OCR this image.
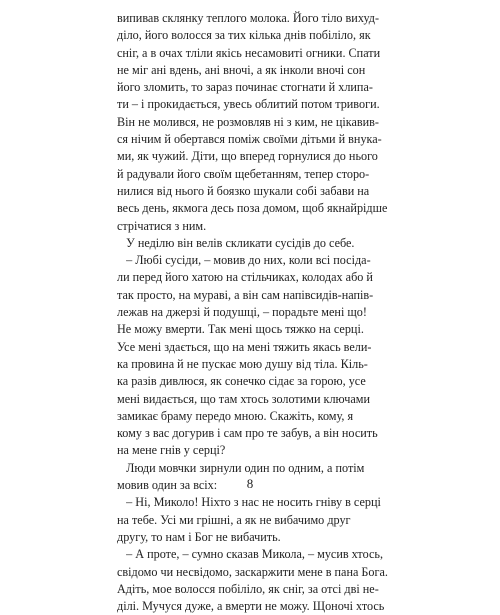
випивав склянку теплого молока. Його тіло вихуд-
діло, його волосся за тих кілька днів побіліло, як
сніг, а в очах тліли якісь несамовиті огники. Спати
не міг ані вдень, ані вночі, а як інколи вночі сон
його зломить, то зараз починає стогнати й хлипа-
ти – і прокидається, увесь облитий потом тривоги.
Він не молився, не розмовляв ні з ким, не цікавив-
ся нічим й обертався поміж своїми дітьми й внука-
ми, як чужий. Діти, що вперед горнулися до нього
й радували його своїм щебетанням, тепер сторо-
нилися від нього й боязко шукали собі забави на
весь день, якмога десь поза домом, щоб якнайрідше
стрічатися з ним.
У неділю він велів скликати сусідів до себе.
– Любі сусіди, – мовив до них, коли всі посіда-
ли перед його хатою на стільчиках, колодах або й
так просто, на мураві, а він сам напівсидів-напів-
лежав на джерзі й подушці, – порадьте мені що!
Не можу вмерти. Так мені щось тяжко на серці.
Усе мені здається, що на мені тяжить якась вели-
ка провина й не пускає мою душу від тіла. Кіль-
ка разів дивлюся, як сонечко сідає за горою, усе
мені видається, що там хтось золотими ключами
замикає браму передо мною. Скажіть, кому, я
кому з вас догурив і сам про те забув, а він носить
на мене гнів у серці?
Люди мовчки зирнули один по одним, а потім
мовив один за всіх:
– Ні, Миколо! Ніхто з нас не носить гніву в серці
на тебе. Усі ми грішні, а як не вибачимо друг
другу, то нам і Бог не вибачить.
– А проте, – сумно сказав Микола, – мусив хтось,
свідомо чи несвідомо, заскаржити мене в пана Бога.
Адіть, мое волосся побіліло, як сніг, за отсі дві не-
ділі. Мучуся дуже, а вмерти не можу. Щоночі хтось
8
